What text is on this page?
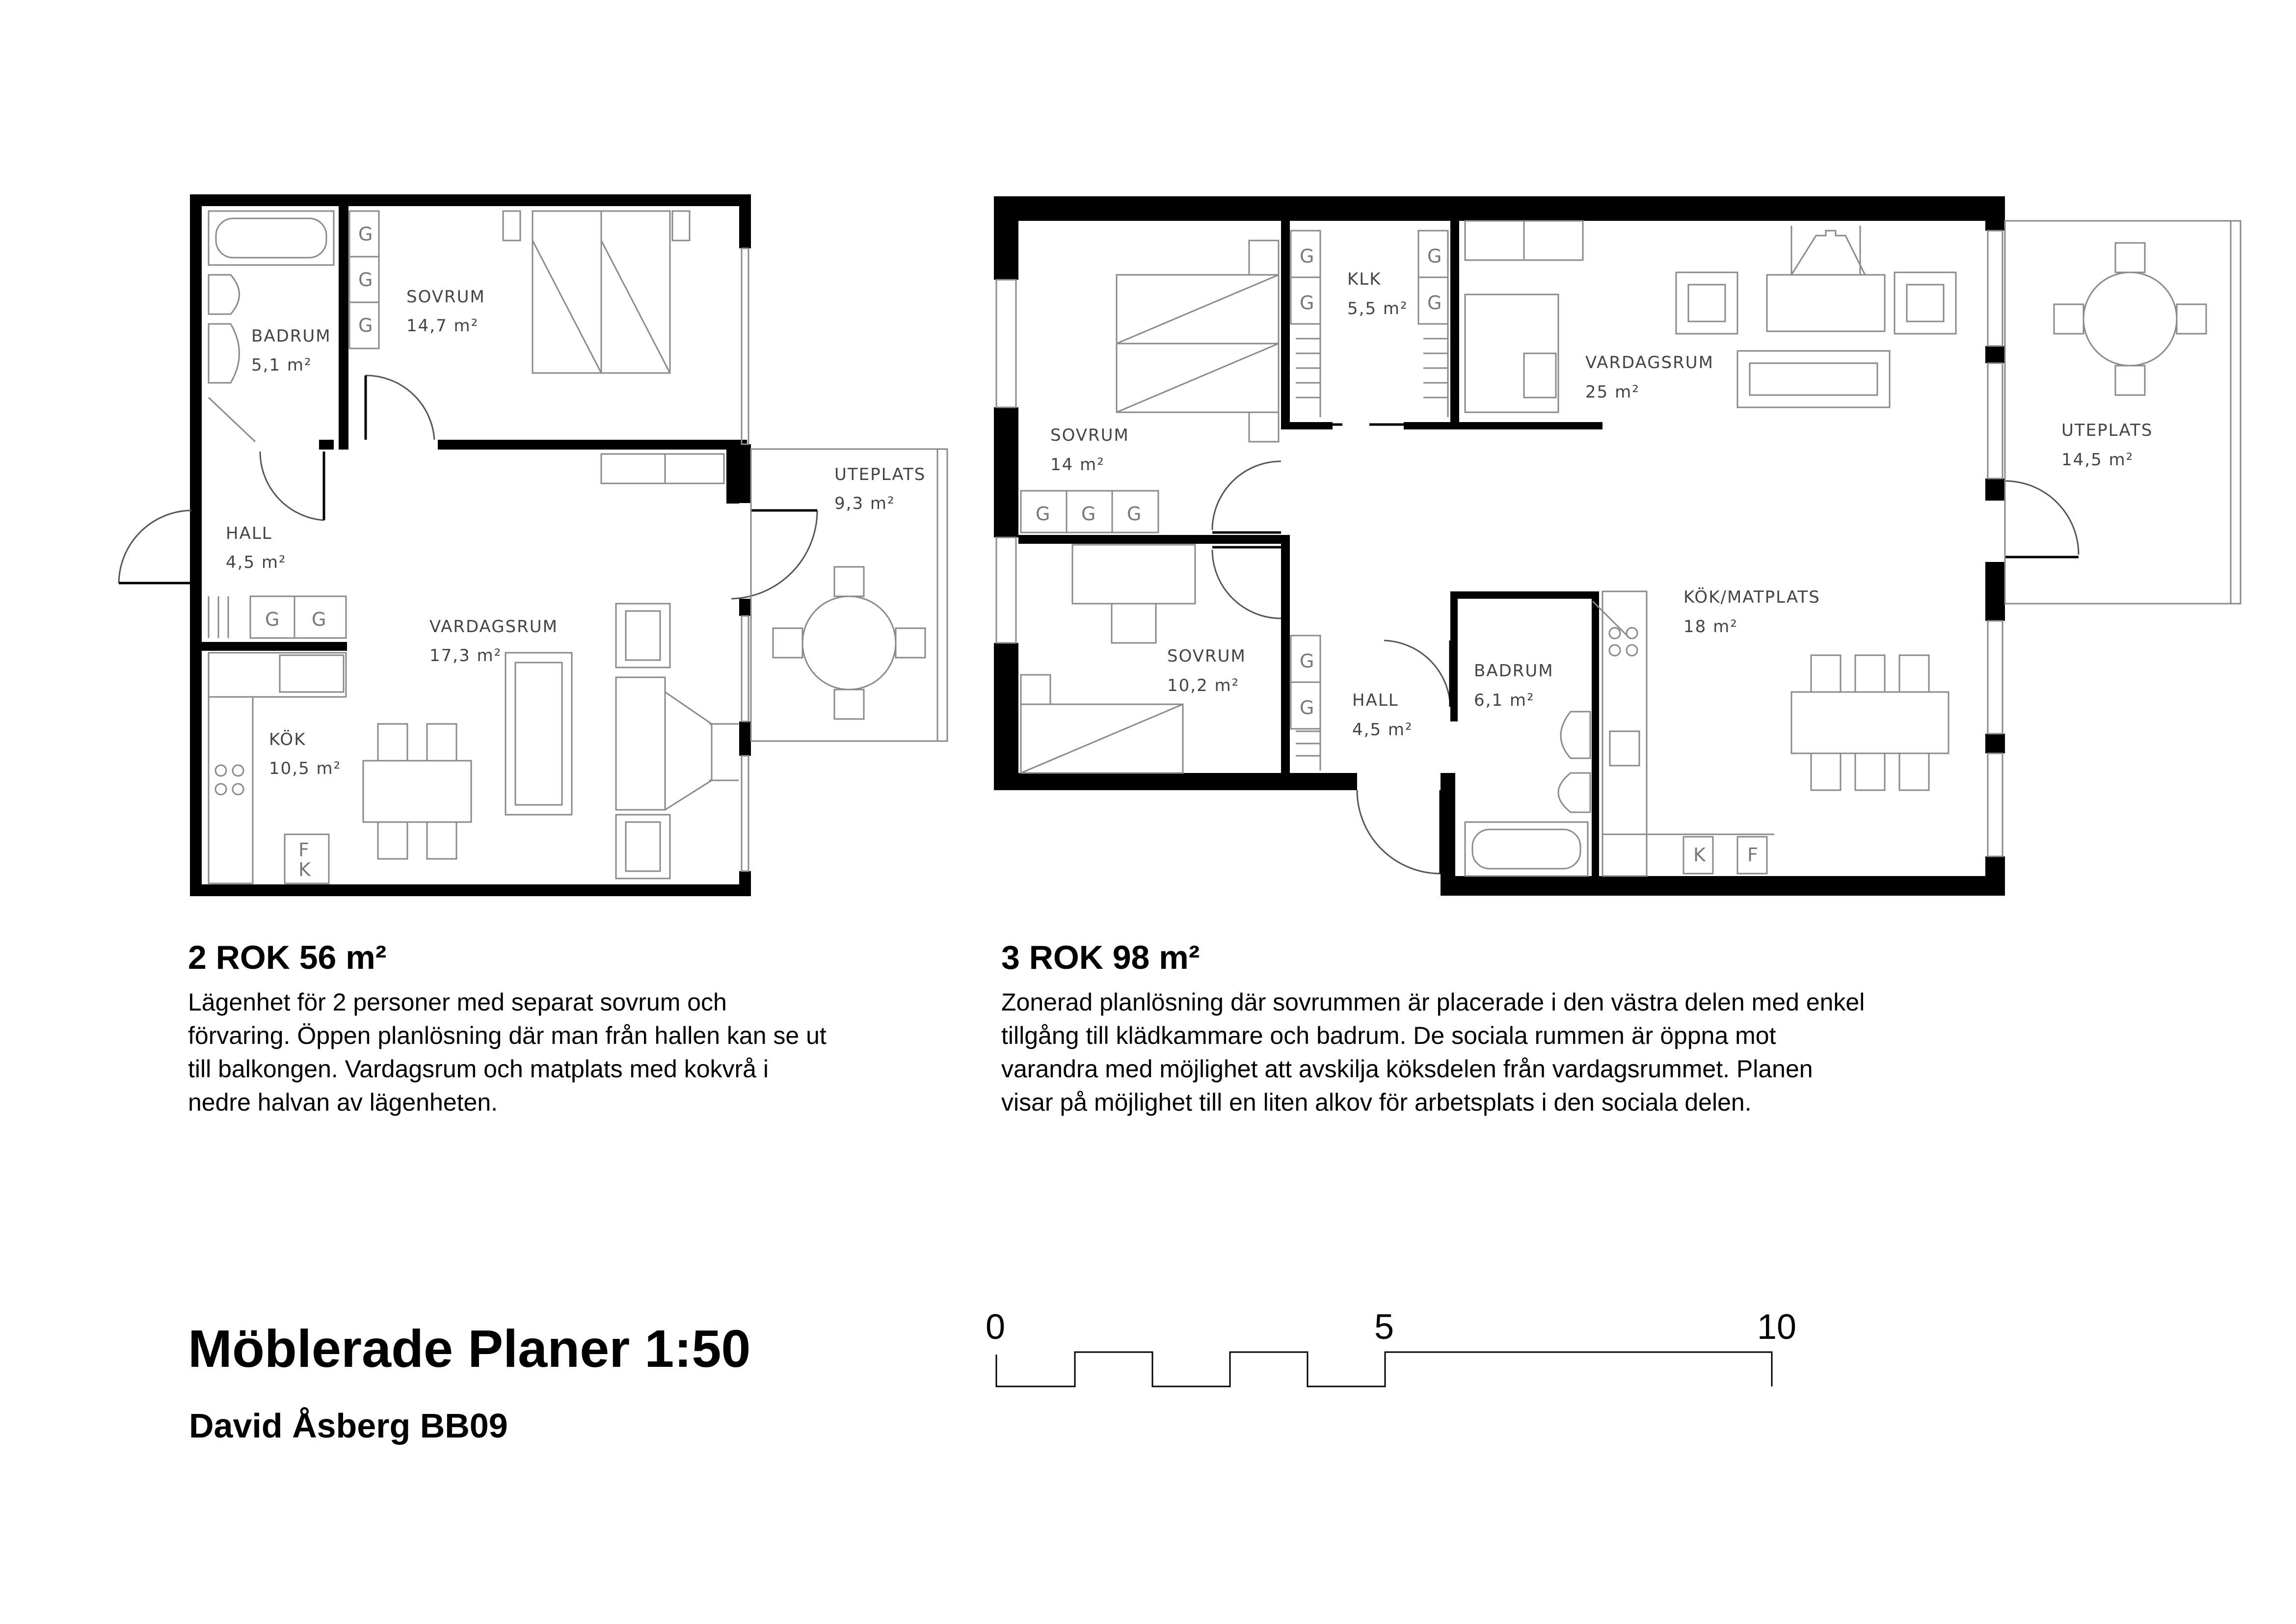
G
G
G
G G
F
K
BADRUM
5,1 m²
SOVRUM
14,7 m²
HALL
4,5 m²
VARDAGSRUM
17,3 m²
KÖK
10,5 m²
UTEPLATS
9,3 m²
G
G
G
G
G
G
G G G
K F
KLK
5,5 m²
VARDAGSRUM
25 m²
SOVRUM
14 m²
UTEPLATS
14,5 m²
KÖK/MATPLATS
18 m²
SOVRUM
10,2 m²
HALL
4,5 m²
BADRUM
6,1 m²
0	5	10
2 ROK 56 m²

Lägenhet för 2 personer med separat sovrum och
förvaring. Öppen planlösning där man från hallen kan se ut
till balkongen. Vardagsrum och matplats med kokvrå i
nedre halvan av lägenheten.

3 ROK 98 m²

Zonerad planlösning där sovrummen är placerade i den västra delen med enkel
tillgång till klädkammare och badrum. De sociala rummen är öppna mot
varandra med möjlighet att avskilja köksdelen från vardagsrummet. Planen
visar på möjlighet till en liten alkov för arbetsplats i den sociala delen.

Möblerade Planer 1:50
David Åsberg BB09
